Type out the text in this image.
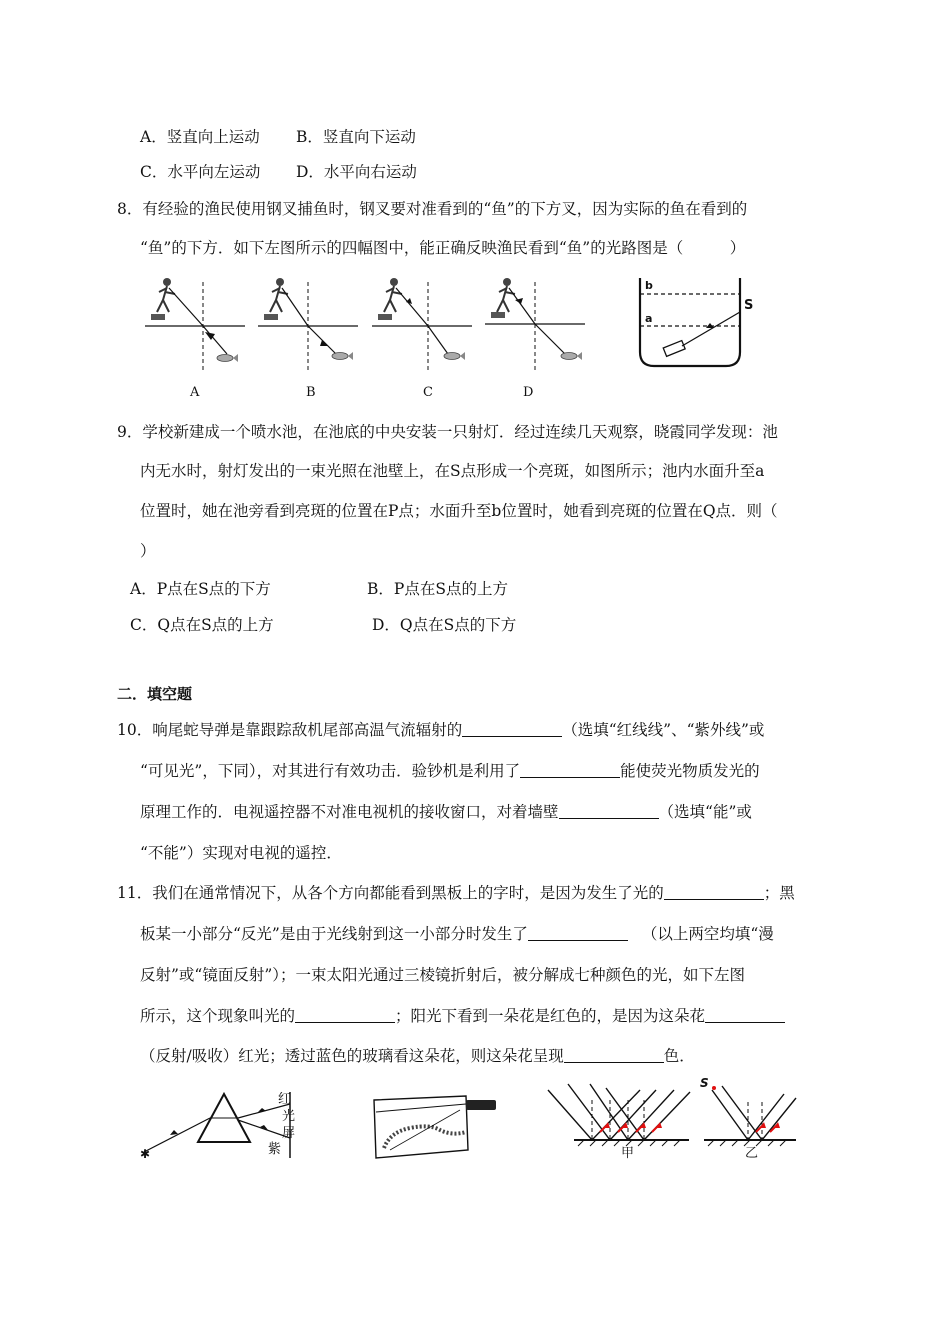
A．竖直向上运动 B．竖直向下运动
C．水平向左运动 D．水平向右运动
8．有经验的渔民使用钢叉捕鱼时，钢叉要对准看到的“鱼”的下方叉，因为实际的鱼在看到的
“鱼”的下方．如下左图所示的四幅图中，能正确反映渔民看到“鱼”的光路图是（　　　）
A	B	C	D
b
a
S
9．学校新建成一个喷水池，在池底的中央安装一只射灯．经过连续几天观察，晓霞同学发现：池
内无水时，射灯发出的一束光照在池壁上，在S点形成一个亮斑，如图所示；池内水面升至a
位置时，她在池旁看到亮斑的位置在P点；水面升至b位置时，她看到亮斑的位置在Q点．则（
）
A．P点在S点的下方	B．P点在S点的上方
C．Q点在S点的上方	D．Q点在S点的下方
二．填空题
10．响尾蛇导弹是靠跟踪敌机尾部高温气流辐射的	（选填“红线线”、“紫外线”或
“可见光”，下同），对其进行有效功击．验钞机是利用了	能使荧光物质发光的
原理工作的．电视遥控器不对准电视机的接收窗口，对着墙壁	（选填“能”或
“不能”）实现对电视的遥控．
11．我们在通常情况下，从各个方向都能看到黑板上的字时，是因为发生了光的	；黑
板某一小部分“反光”是由于光线射到这一小部分时发生了	（以上两空均填“漫
反射”或“镜面反射”）；一束太阳光通过三棱镜折射后，被分解成七种颜色的光，如下左图
所示，这个现象叫光的	；阳光下看到一朵花是红色的，是因为这朵花
（反射/吸收）红光；透过蓝色的玻璃看这朵花，则这朵花呈现	色．
✱
红
光
屏
紫	甲
S
乙
